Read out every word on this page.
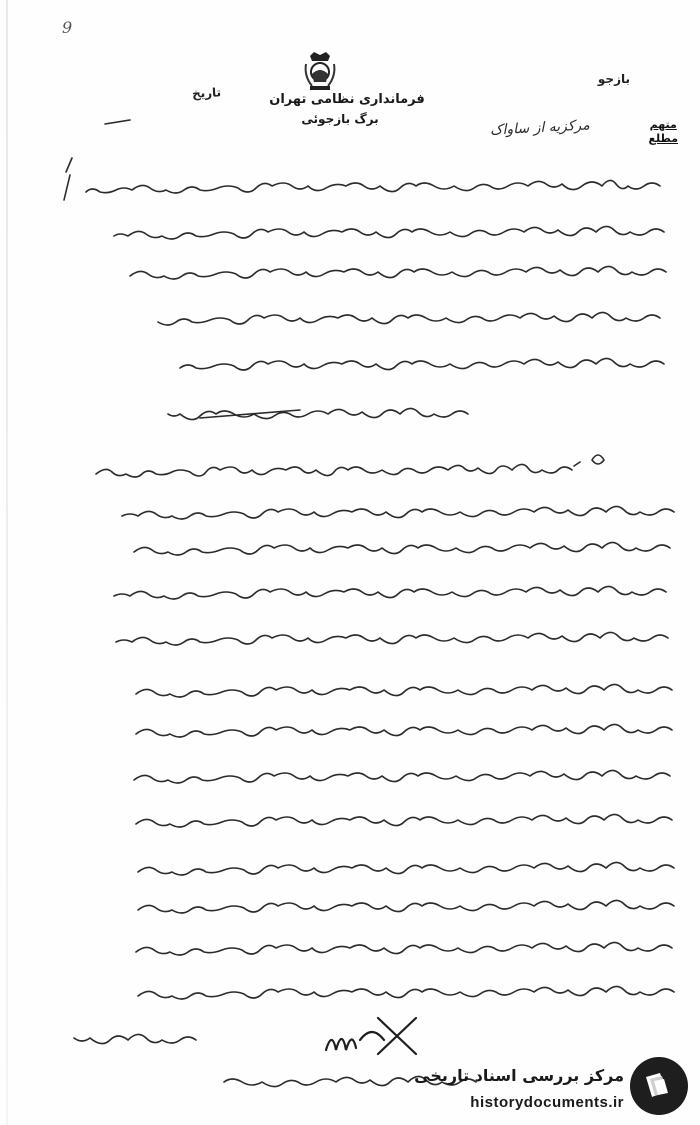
9
بازجو
تاریخ	فرمانداری نظامی تهران
برگ بازجوئی	متهم
مطلع
مرکزیه از ساواک
مرکز بررسی اسناد تاریخی
historydocuments.ir
